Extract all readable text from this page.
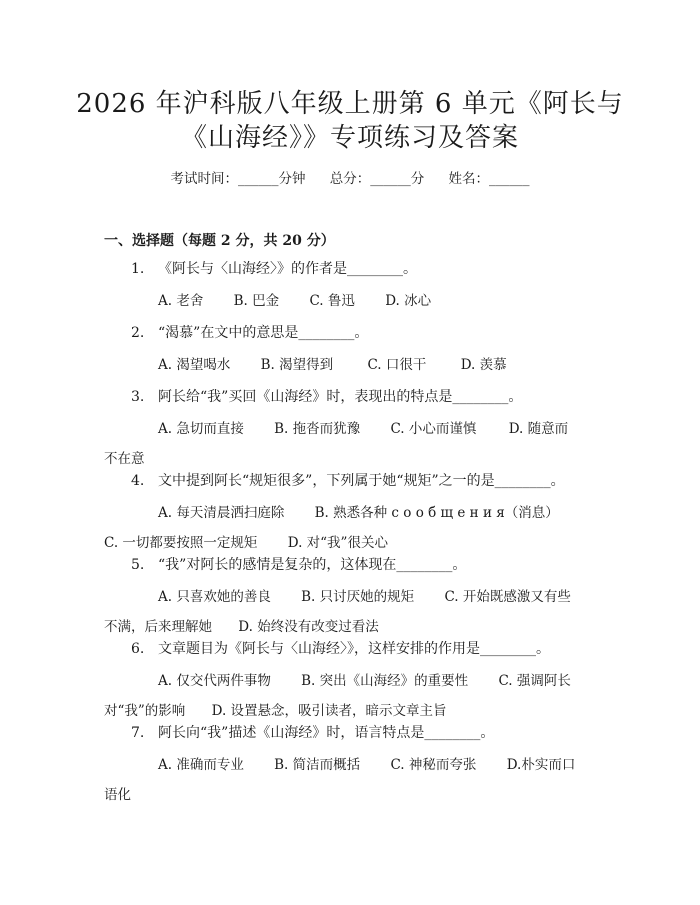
2026 年沪科版八年级上册第 6 单元《阿长与
《山海经》》专项练习及答案
考试时间：______分钟 总分：______分 姓名：______
一、选择题（每题 2 分，共 20 分）
1. 《阿长与〈山海经〉》的作者是________。
A. 老舍 B. 巴金 C. 鲁迅 D. 冰心
2. “渴慕”在文中的意思是________。
A. 渴望喝水 B. 渴望得到	C. 口很干	D. 羡慕
3. 阿长给“我”买回《山海经》时，表现出的特点是________。
A. 急切而直接 B. 拖沓而犹豫 C. 小心而谨慎 D. 随意而
不在意
4. 文中提到阿长“规矩很多”，下列属于她“规矩”之一的是________。
A. 每天清晨洒扫庭除 B. 熟悉各种 с о о б щ е н и я（消息）
C. 一切都要按照一定规矩 D. 对“我”很关心
5. “我”对阿长的感情是复杂的，这体现在________。
A. 只喜欢她的善良 B. 只讨厌她的规矩 C. 开始既感激又有些
不满，后来理解她 D. 始终没有改变过看法
6. 文章题目为《阿长与〈山海经〉》，这样安排的作用是________。
A. 仅交代两件事物 B. 突出《山海经》的重要性 C. 强调阿长
对“我”的影响 D. 设置悬念，吸引读者，暗示文章主旨
7. 阿长向“我”描述《山海经》时，语言特点是________。
A. 准确而专业 B. 简洁而概括 C. 神秘而夸张 D.朴实而口
语化
